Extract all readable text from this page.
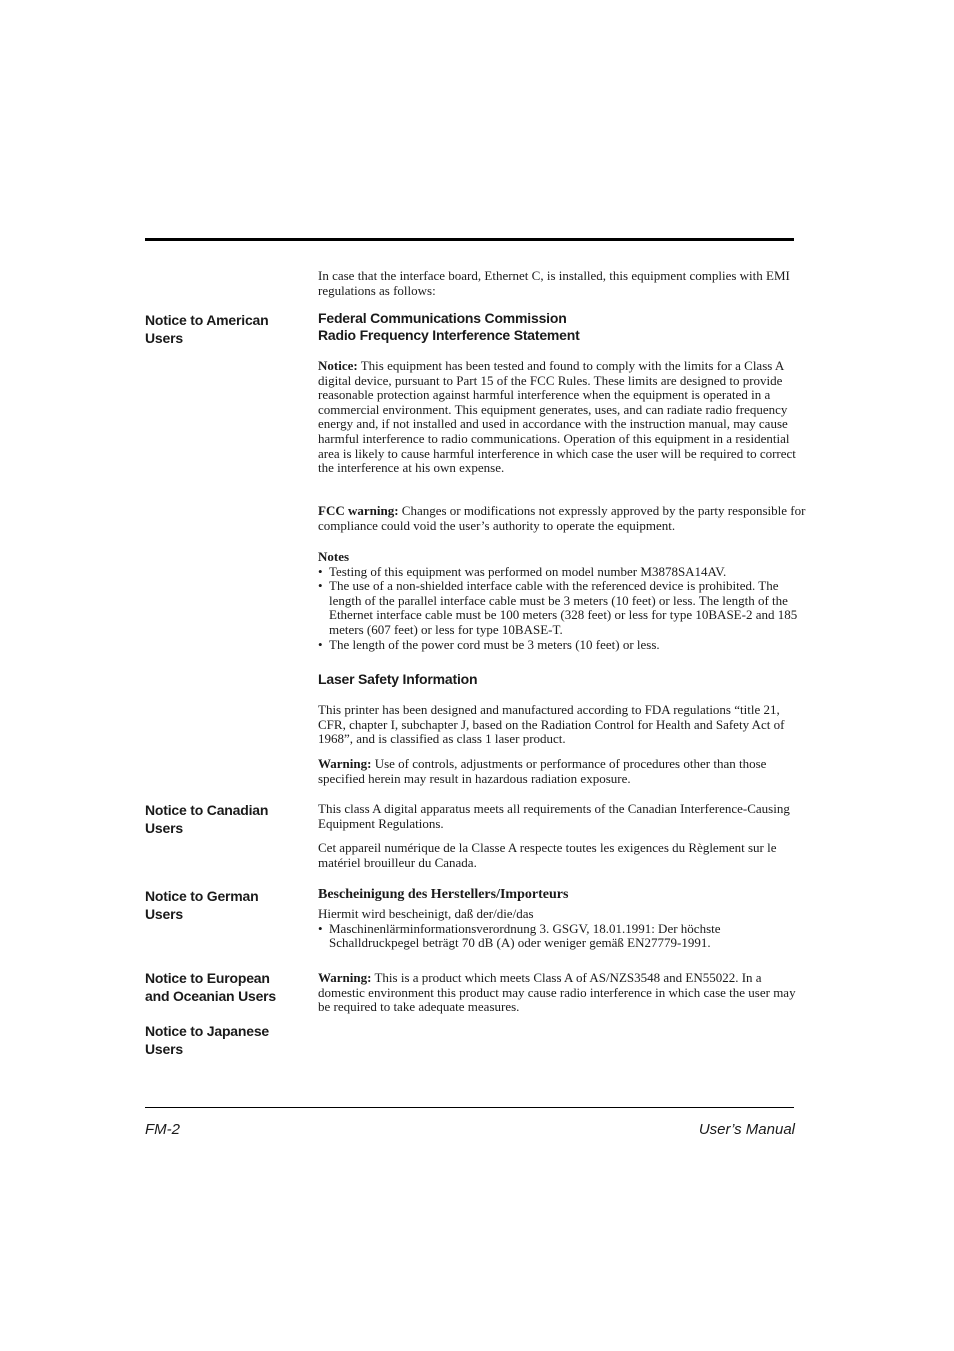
In case that the interface board, Ethernet C, is installed, this equipment complies with EMI regulations as follows:

Notice to American
Users
Federal Communications Commission
Radio Frequency Interference Statement

Notice: This equipment has been tested and found to comply with the limits for a Class A digital device, pursuant to Part 15 of the FCC Rules. These limits are designed to provide reasonable protection against harmful interference when the equipment is operated in a commercial environment. This equipment generates, uses, and can radiate radio frequency energy and, if not installed and used in accordance with the instruction manual, may cause harmful interference to radio communications. Operation of this equipment in a residential area is likely to cause harmful interference in which case the user will be required to correct the interference at his own expense.

FCC warning: Changes or modifications not expressly approved by the party responsible for compliance could void the user’s authority to operate the equipment.

Notes

• Testing of this equipment was performed on model number M3878SA14AV.
• The use of a non-shielded interface cable with the referenced device is prohibited. The length of the parallel interface cable must be 3 meters (10 feet) or less. The length of the Ethernet interface cable must be 100 meters (328 feet) or less for type 10BASE-2 and 185 meters (607 feet) or less for type 10BASE-T.
• The length of the power cord must be 3 meters (10 feet) or less.
Laser Safety Information

This printer has been designed and manufactured according to FDA regulations “title 21, CFR, chapter I, subchapter J, based on the Radiation Control for Health and Safety Act of 1968”, and is classified as class 1 laser product.

Warning: Use of controls, adjustments or performance of procedures other than those specified herein may result in hazardous radiation exposure.

Notice to Canadian
Users

This class A digital apparatus meets all requirements of the Canadian Interference-Causing Equipment Regulations.

Cet appareil numérique de la Classe A respecte toutes les exigences du Règlement sur le matériel brouilleur du Canada.

Notice to German
Users

Bescheinigung des Herstellers/Importeurs

Hiermit wird bescheinigt, daß der/die/das

• Maschinenlärminformationsverordnung 3. GSGV, 18.01.1991: Der höchste Schalldruckpegel beträgt 70 dB (A) oder weniger gemäß EN27779-1991.
Notice to European
and Oceanian Users

Warning: This is a product which meets Class A of AS/NZS3548 and EN55022. In a domestic environment this product may cause radio interference in which case the user may be required to take adequate measures.

Notice to Japanese
Users
FM-2	User’s Manual
